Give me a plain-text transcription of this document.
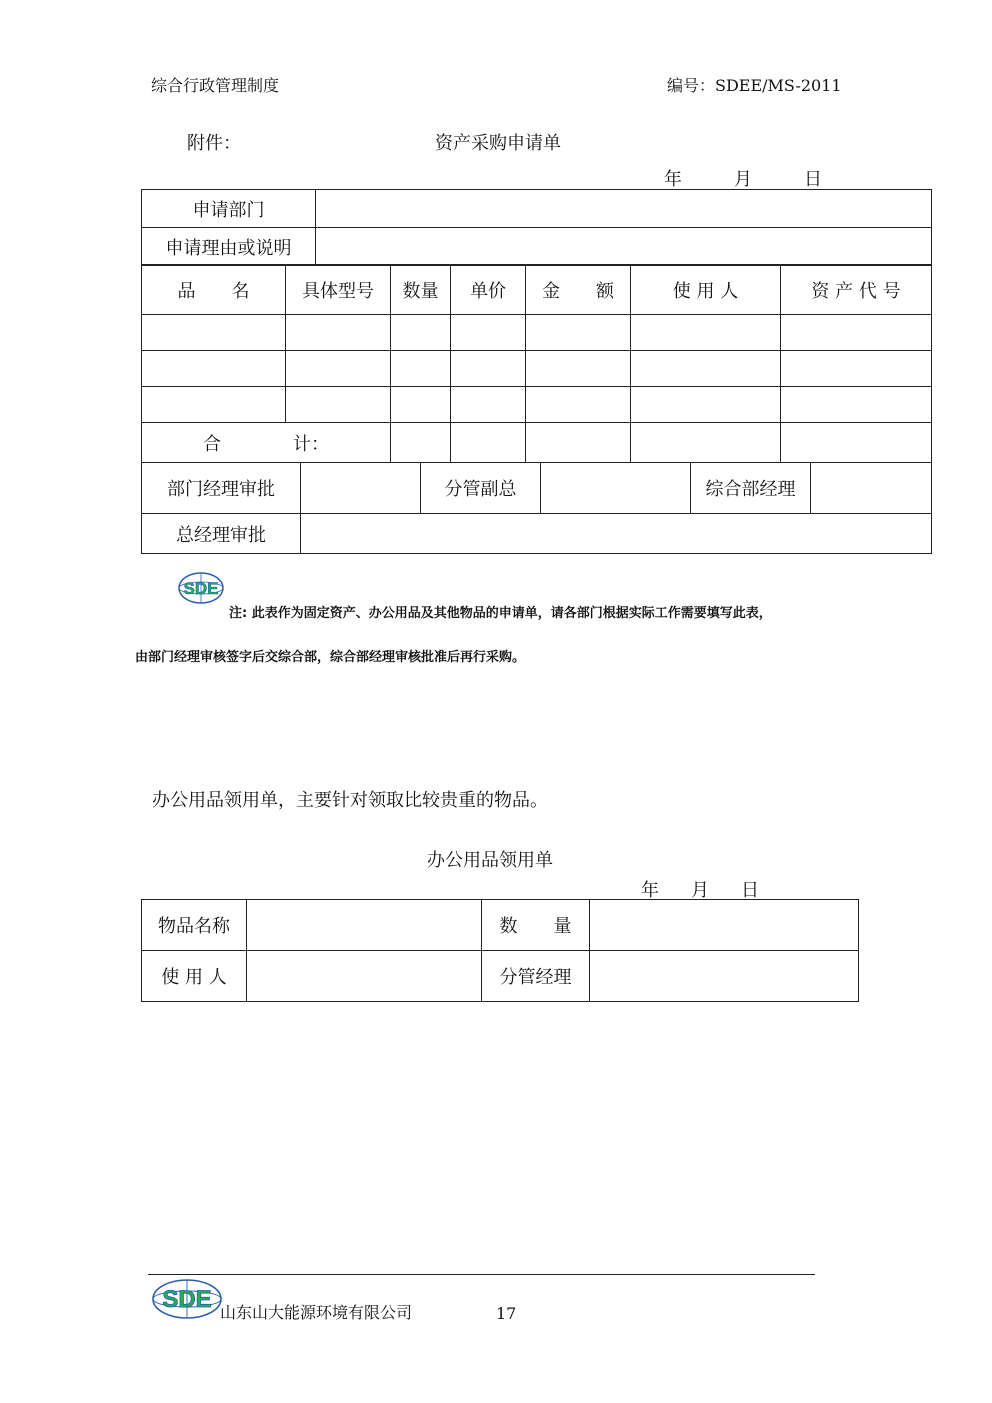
综合行政管理制度	编号：SDEE/MS-2011
附件：	资产采购申请单
年	月	日
申请部门	
申请理由或说明	
品　　名	具体型号	数量	单价	金　　额	使 用 人	资 产 代 号

合　　　　计：						
部门经理审批		分管副总		综合部经理	
总经理审批					
SDE
注: 此表作为固定资产、办公用品及其他物品的申请单，请各部门根据实际工作需要填写此表，
由部门经理审核签字后交综合部，综合部经理审核批准后再行采购。
办公用品领用单，主要针对领取比较贵重的物品。
办公用品领用单
年 月 日
物品名称		数　　量	
使 用 人		分管经理	
SDE 山东山大能源环境有限公司	17
